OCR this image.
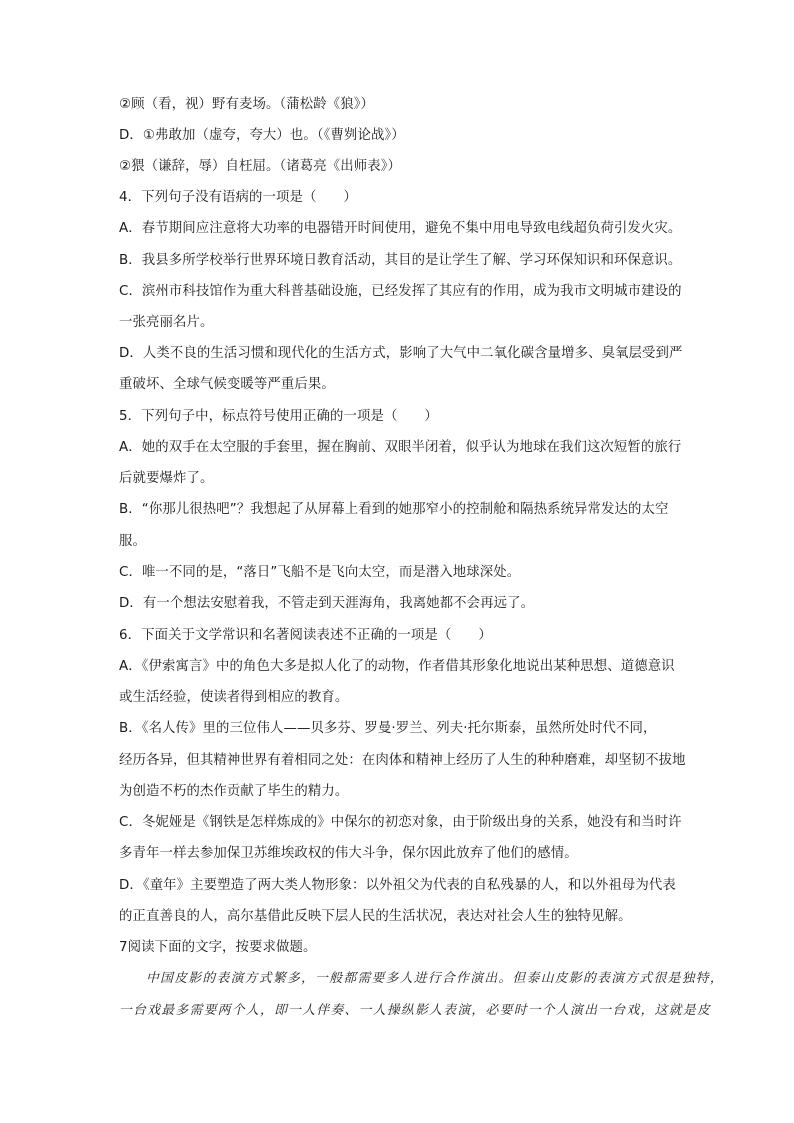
②顾（看，视）野有麦场。（蒲松龄《狼》）
D．①弗敢加（虚夸，夸大）也。（《曹刿论战》）
②猥（谦辞，辱）自枉屈。（诸葛亮《出师表》）
4．下列句子没有语病的一项是（　　）
A．春节期间应注意将大功率的电器错开时间使用，避免不集中用电导致电线超负荷引发火灾。
B．我县多所学校举行世界环境日教育活动，其目的是让学生了解、学习环保知识和环保意识。
C．滨州市科技馆作为重大科普基础设施，已经发挥了其应有的作用，成为我市文明城市建设的
一张亮丽名片。
D．人类不良的生活习惯和现代化的生活方式，影响了大气中二氧化碳含量增多、臭氧层受到严
重破坏、全球气候变暖等严重后果。
5．下列句子中，标点符号使用正确的一项是（　　）
A．她的双手在太空服的手套里，握在胸前、双眼半闭着，似乎认为地球在我们这次短暂的旅行
后就要爆炸了。
B．“你那儿很热吧”？我想起了从屏幕上看到的她那窄小的控制舱和隔热系统异常发达的太空
服。
C．唯一不同的是，“落日”飞船不是飞向太空，而是潜入地球深处。
D．有一个想法安慰着我，不管走到天涯海角，我离她都不会再远了。
6．下面关于文学常识和名著阅读表述不正确的一项是（　　）
A．《伊索寓言》中的角色大多是拟人化了的动物，作者借其形象化地说出某种思想、道德意识
或生活经验，使读者得到相应的教育。
B．《名人传》里的三位伟人——贝多芬、罗曼·罗兰、列夫·托尔斯泰，虽然所处时代不同，
经历各异，但其精神世界有着相同之处：在肉体和精神上经历了人生的种种磨难，却坚韧不拔地
为创造不朽的杰作贡献了毕生的精力。
C．冬妮娅是《钢铁是怎样炼成的》中保尔的初恋对象，由于阶级出身的关系，她没有和当时许
多青年一样去参加保卫苏维埃政权的伟大斗争，保尔因此放弃了他们的感情。
D．《童年》主要塑造了两大类人物形象：以外祖父为代表的自私残暴的人，和以外祖母为代表
的正直善良的人，高尔基借此反映下层人民的生活状况，表达对社会人生的独特见解。
7阅读下面的文字，按要求做题。
中国皮影的表演方式繁多，一般都需要多人进行合作演出。但泰山皮影的表演方式很是独特，
一台戏最多需要两个人，即一人伴奏、一人操纵影人表演，必要时一个人演出一台戏，这就是皮
